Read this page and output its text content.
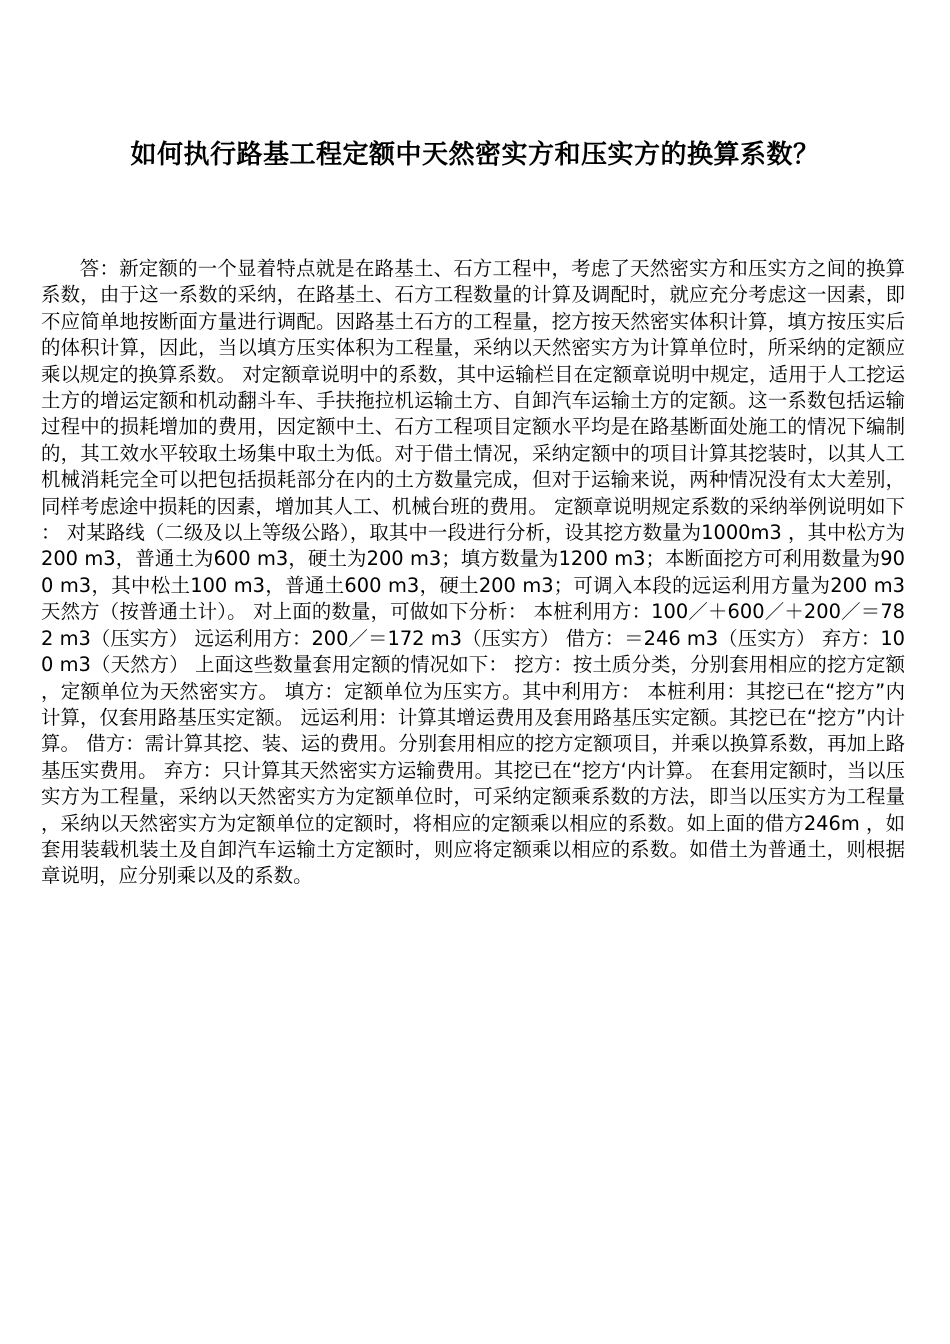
如何执行路基工程定额中天然密实方和压实方的换算系数？

答：新定额的一个显着特点就是在路基土、石方工程中，考虑了天然密实方和压实方之间的换算系数，由于这一系数的采纳，在路基土、石方工程数量的计算及调配时，就应充分考虑这一因素，即不应简单地按断面方量进行调配。因路基土石方的工程量，挖方按天然密实体积计算，填方按压实后的体积计算，因此，当以填方压实体积为工程量，采纳以天然密实方为计算单位时，所采纳的定额应乘以规定的换算系数。 对定额章说明中的系数，其中运输栏目在定额章说明中规定，适用于人工挖运土方的增运定额和机动翻斗车、手扶拖拉机运输土方、自卸汽车运输土方的定额。这一系数包括运输过程中的损耗增加的费用，因定额中土、石方工程项目定额水平均是在路基断面处施工的情况下编制的，其工效水平较取土场集中取土为低。对于借土情况，采纳定额中的项目计算其挖装时，以其人工机械消耗完全可以把包括损耗部分在内的土方数量完成，但对于运输来说，两种情况没有太大差别，同样考虑途中损耗的因素，增加其人工、机械台班的费用。 定额章说明规定系数的采纳举例说明如下： 对某路线（二级及以上等级公路），取其中一段进行分析，设其挖方数量为1000m3 ，其中松方为200 m3，普通土为600 m3，硬土为200 m3；填方数量为1200 m3；本断面挖方可利用数量为900 m3，其中松土100 m3，普通土600 m3，硬土200 m3；可调入本段的远运利用方量为200 m3天然方（按普通土计）。 对上面的数量，可做如下分析： 本桩利用方：100／＋600／＋200／＝782 m3（压实方） 远运利用方：200／＝172 m3（压实方） 借方：＝246 m3（压实方） 弃方：100 m3（天然方） 上面这些数量套用定额的情况如下： 挖方：按土质分类，分别套用相应的挖方定额，定额单位为天然密实方。 填方：定额单位为压实方。其中利用方： 本桩利用：其挖已在“挖方”内计算，仅套用路基压实定额。 远运利用：计算其增运费用及套用路基压实定额。其挖已在“挖方”内计算。 借方：需计算其挖、装、运的费用。分别套用相应的挖方定额项目，并乘以换算系数，再加上路基压实费用。 弃方：只计算其天然密实方运输费用。其挖已在“挖方‘内计算。 在套用定额时，当以压实方为工程量，采纳以天然密实方为定额单位时，可采纳定额乘系数的方法，即当以压实方为工程量，采纳以天然密实方为定额单位的定额时，将相应的定额乘以相应的系数。如上面的借方246m ，如套用装载机装土及自卸汽车运输土方定额时，则应将定额乘以相应的系数。如借土为普通土，则根据章说明，应分别乘以及的系数。
